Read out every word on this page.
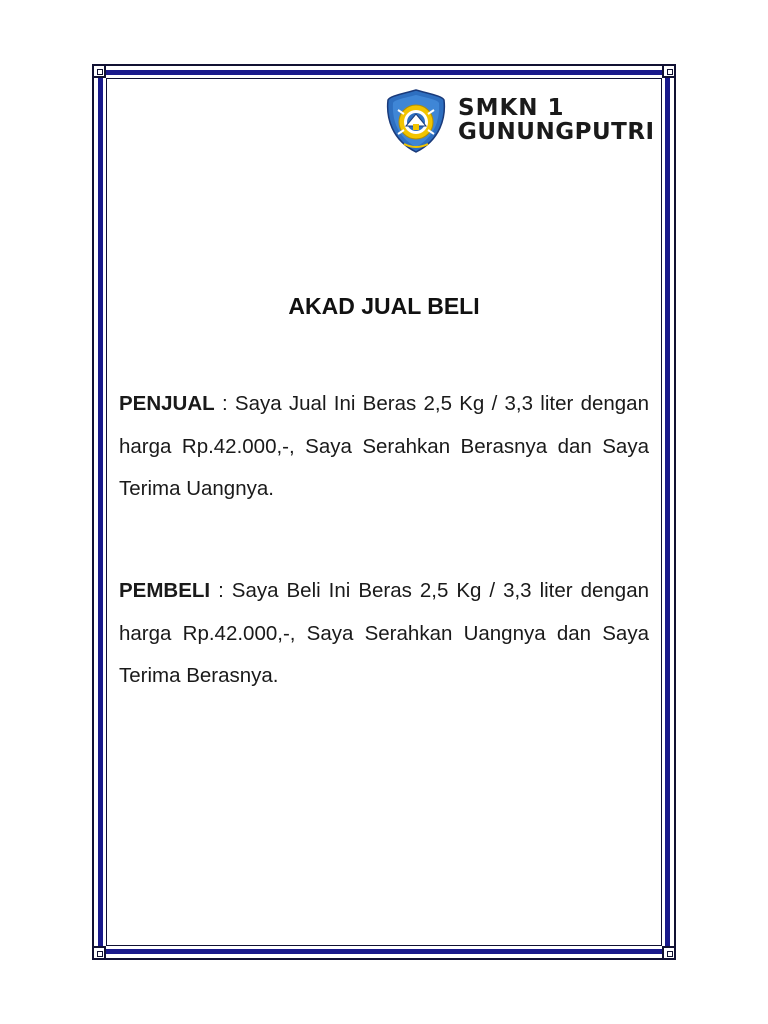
SMKN 1
GUNUNGPUTRI
AKAD JUAL BELI
PENJUAL : Saya Jual Ini Beras 2,5 Kg / 3,3 liter dengan harga Rp.42.000,-, Saya Serahkan Berasnya dan Saya Terima Uangnya.
PEMBELI : Saya Beli Ini Beras 2,5 Kg / 3,3 liter dengan harga Rp.42.000,-, Saya Serahkan Uangnya dan Saya Terima Berasnya.
